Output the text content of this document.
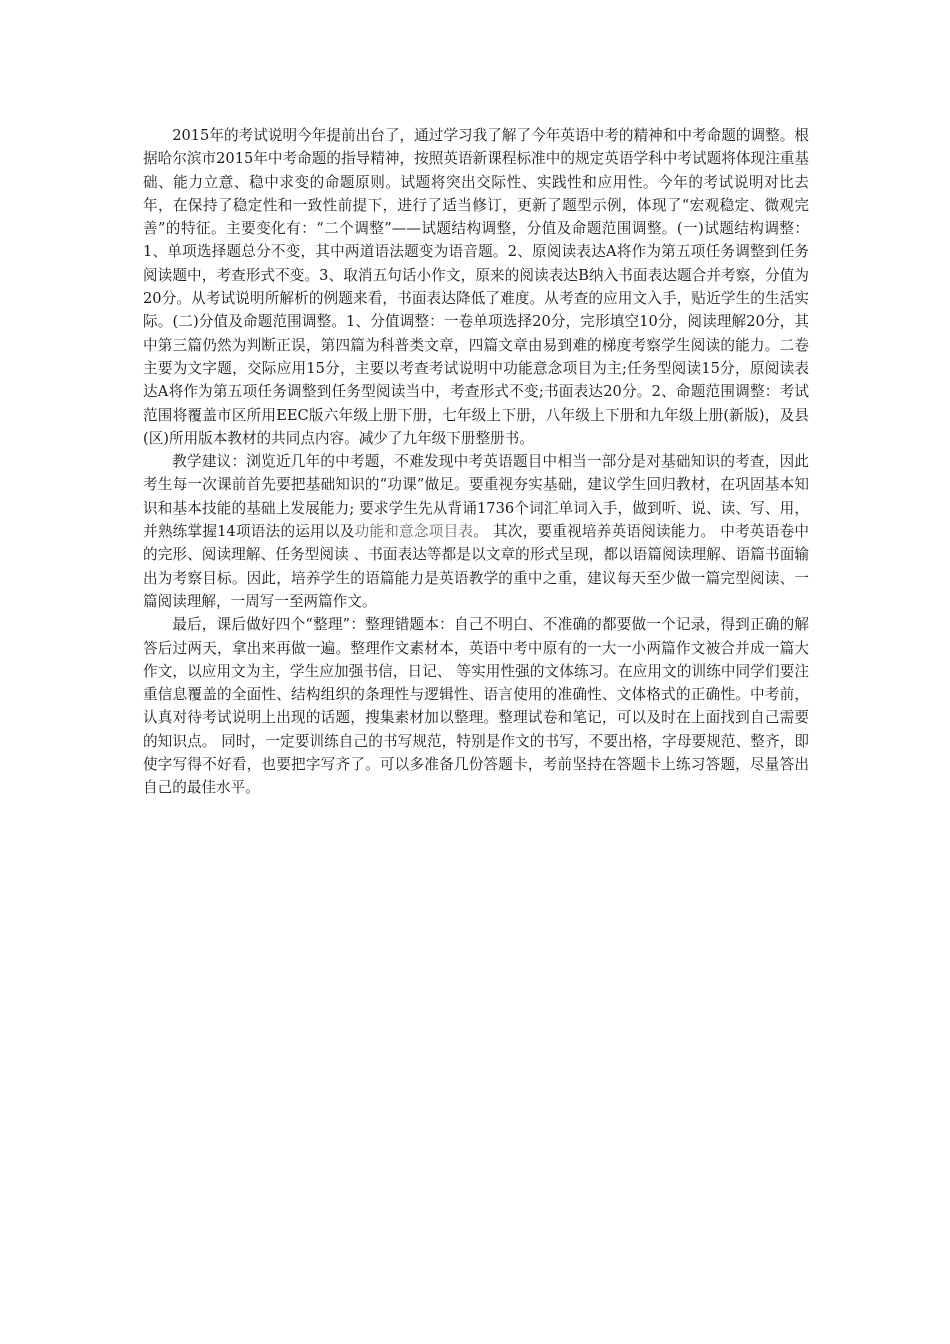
2015年的考试说明今年提前出台了，通过学习我了解了今年英语中考的精神和中考命题的调整。根据哈尔滨市2015年中考命题的指导精神，按照英语新课程标准中的规定英语学科中考试题将体现注重基础、能力立意、稳中求变的命题原则。试题将突出交际性、实践性和应用性。今年的考试说明对比去年，在保持了稳定性和一致性前提下，进行了适当修订，更新了题型示例，体现了“宏观稳定、微观完善”的特征。主要变化有：“二个调整”——试题结构调整，分值及命题范围调整。(一)试题结构调整：1、单项选择题总分不变，其中两道语法题变为语音题。2、原阅读表达A将作为第五项任务调整到任务阅读题中，考查形式不变。3、取消五句话小作文，原来的阅读表达B纳入书面表达题合并考察，分值为20分。从考试说明所解析的例题来看，书面表达降低了难度。从考查的应用文入手，贴近学生的生活实际。(二)分值及命题范围调整。1、分值调整：一卷单项选择20分，完形填空10分，阅读理解20分，其中第三篇仍然为判断正误，第四篇为科普类文章，四篇文章由易到难的梯度考察学生阅读的能力。二卷主要为文字题，交际应用15分，主要以考查考试说明中功能意念项目为主;任务型阅读15分，原阅读表达A将作为第五项任务调整到任务型阅读当中，考查形式不变;书面表达20分。2、命题范围调整：考试范围将覆盖市区所用EEC版六年级上册下册，七年级上下册，八年级上下册和九年级上册(新版)，及县(区)所用版本教材的共同点内容。减少了九年级下册整册书。

教学建议：浏览近几年的中考题，不难发现中考英语题目中相当一部分是对基础知识的考查，因此考生每一次课前首先要把基础知识的“功课”做足。要重视夯实基础，建议学生回归教材，在巩固基本知识和基本技能的基础上发展能力; 要求学生先从背诵1736个词汇单词入手，做到听、说、读、写、用，并熟练掌握14项语法的运用以及功能和意念项目表。 其次，要重视培养英语阅读能力。 中考英语卷中的完形、阅读理解、任务型阅读 、书面表达等都是以文章的形式呈现，都以语篇阅读理解、语篇书面输出为考察目标。因此，培养学生的语篇能力是英语教学的重中之重，建议每天至少做一篇完型阅读、一篇阅读理解，一周写一至两篇作文。

最后，课后做好四个“整理”：整理错题本：自己不明白、不准确的都要做一个记录，得到正确的解答后过两天，拿出来再做一遍。整理作文素材本，英语中考中原有的一大一小两篇作文被合并成一篇大作文，以应用文为主，学生应加强书信，日记、 等实用性强的文体练习。在应用文的训练中同学们要注重信息覆盖的全面性、结构组织的条理性与逻辑性、语言使用的准确性、文体格式的正确性。中考前，认真对待考试说明上出现的话题，搜集素材加以整理。整理试卷和笔记，可以及时在上面找到自己需要的知识点。 同时，一定要训练自己的书写规范，特别是作文的书写，不要出格，字母要规范、整齐，即使字写得不好看，也要把字写齐了。可以多准备几份答题卡，考前坚持在答题卡上练习答题，尽量答出自己的最佳水平。
